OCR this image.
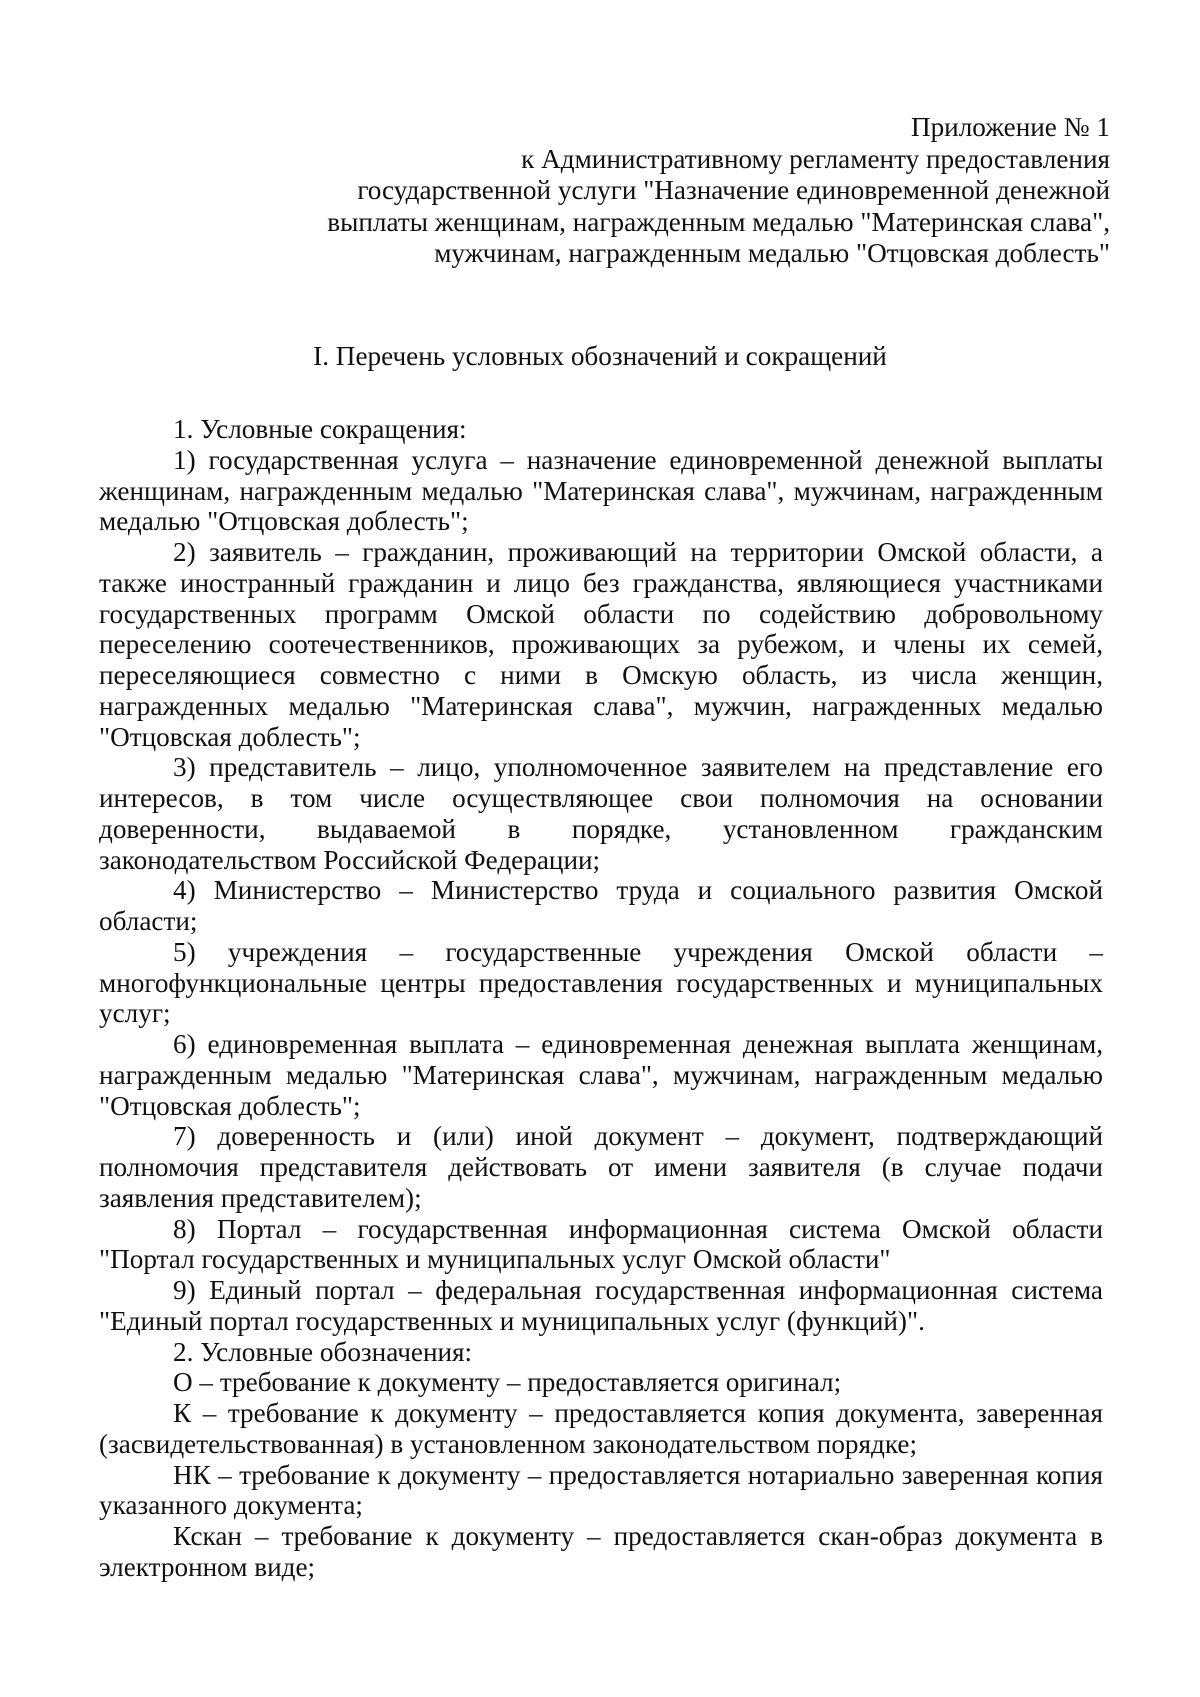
Приложение № 1
к Административному регламенту предоставления
государственной услуги "Назначение единовременной денежной
выплаты женщинам, награжденным медалью "Материнская слава",
мужчинам, награжденным медалью "Отцовская доблесть"
I. Перечень условных обозначений и сокращений

1. Условные сокращения:

1) государственная услуга – назначение единовременной денежной выплаты женщинам, награжденным медалью "Материнская слава", мужчинам, награжденным медалью "Отцовская доблесть";

2) заявитель – гражданин, проживающий на территории Омской области, а также иностранный гражданин и лицо без гражданства, являющиеся участниками государственных программ Омской области по содействию добровольному переселению соотечественников, проживающих за рубежом, и члены их семей, переселяющиеся совместно с ними в Омскую область, из числа женщин, награжденных медалью "Материнская слава", мужчин, награжденных медалью "Отцовская доблесть";

3) представитель – лицо, уполномоченное заявителем на представление его интересов, в том числе осуществляющее свои полномочия на основании доверенности, выдаваемой в порядке, установленном гражданским законодательством Российской Федерации;

4) Министерство – Министерство труда и социального развития Омской области;

5) учреждения – государственные учреждения Омской области – многофункциональные центры предоставления государственных и муниципальных услуг;

6) единовременная выплата – единовременная денежная выплата женщинам, награжденным медалью "Материнская слава", мужчинам, награжденным медалью "Отцовская доблесть";

7) доверенность и (или) иной документ – документ, подтверждающий полномочия представителя действовать от имени заявителя (в случае подачи заявления представителем);

8) Портал – государственная информационная система Омской области "Портал государственных и муниципальных услуг Омской области"

9) Единый портал – федеральная государственная информационная система "Единый портал государственных и муниципальных услуг (функций)".

2. Условные обозначения:

О – требование к документу – предоставляется оригинал;

К – требование к документу – предоставляется копия документа, заверенная (засвидетельствованная) в установленном законодательством порядке;

НК – требование к документу – предоставляется нотариально заверенная копия указанного документа;

Кскан – требование к документу – предоставляется скан-образ документа в электронном виде;
